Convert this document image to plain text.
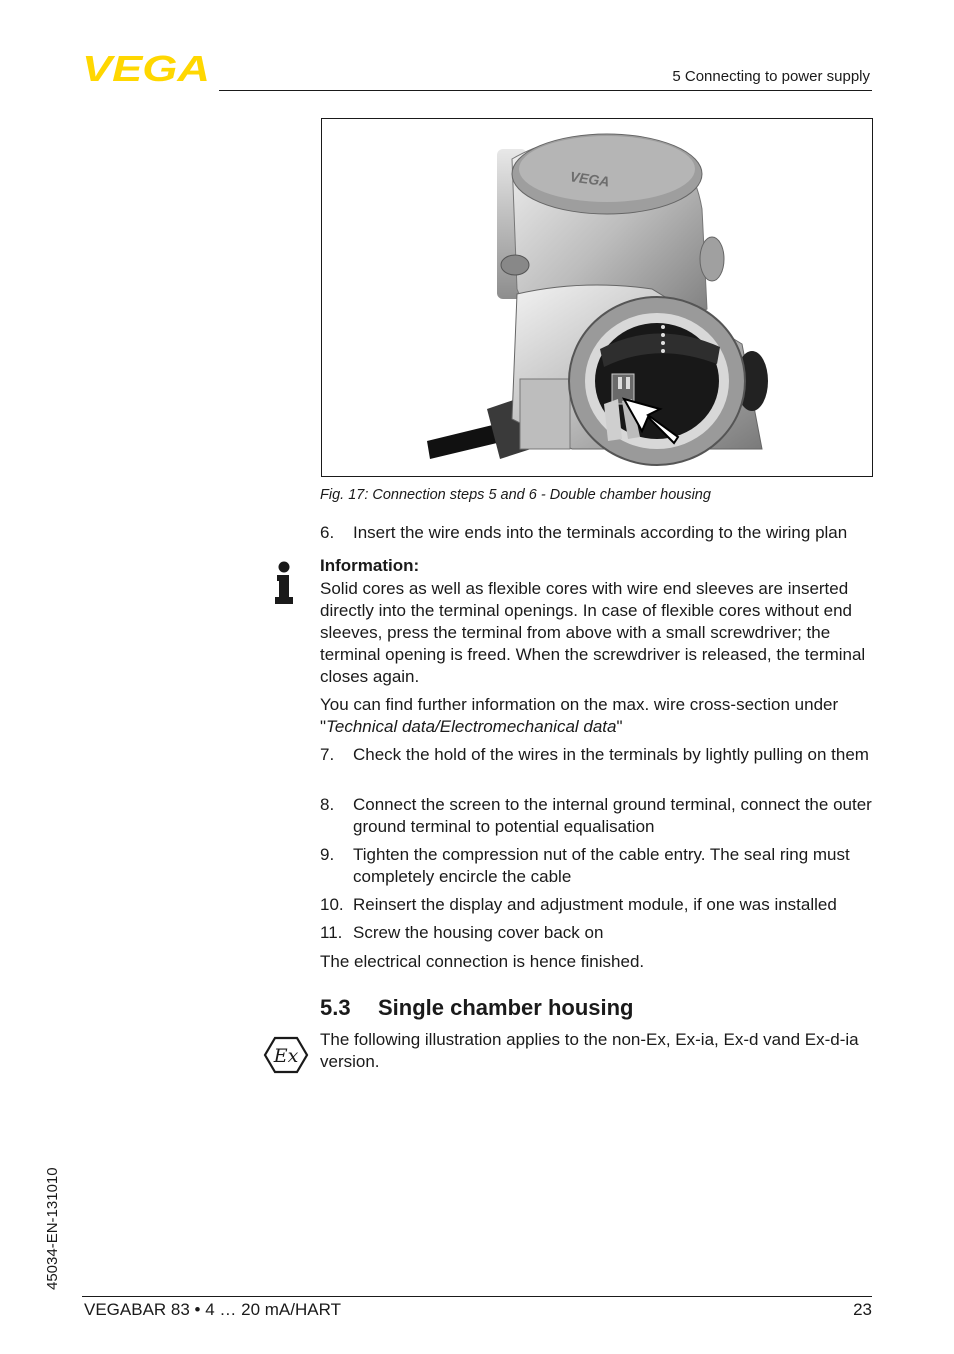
VEGA	5 Connecting to power supply
VEGA
Fig. 17: Connection steps 5 and 6 - Double chamber housing
6. Insert the wire ends into the terminals according to the wiring plan
Information:
Solid cores as well as flexible cores with wire end sleeves are inserted directly into the terminal openings. In case of flexible cores without end sleeves, press the terminal from above with a small screwdriver; the terminal opening is freed. When the screwdriver is released, the terminal closes again.
You can find further information on the max. wire cross-section under "Technical data/Electromechanical data"
7. Check the hold of the wires in the terminals by lightly pulling on them
8. Connect the screen to the internal ground terminal, connect the outer ground terminal to potential equalisation
9. Tighten the compression nut of the cable entry. The seal ring must completely encircle the cable
10. Reinsert the display and adjustment module, if one was installed
11. Screw the housing cover back on
The electrical connection is hence finished.
5.3 Single chamber housing
Ex
The following illustration applies to the non-Ex, Ex-ia, Ex-d vand Ex-d-ia version.
45034-EN-131010
VEGABAR 83 • 4 … 20 mA/HART	23
